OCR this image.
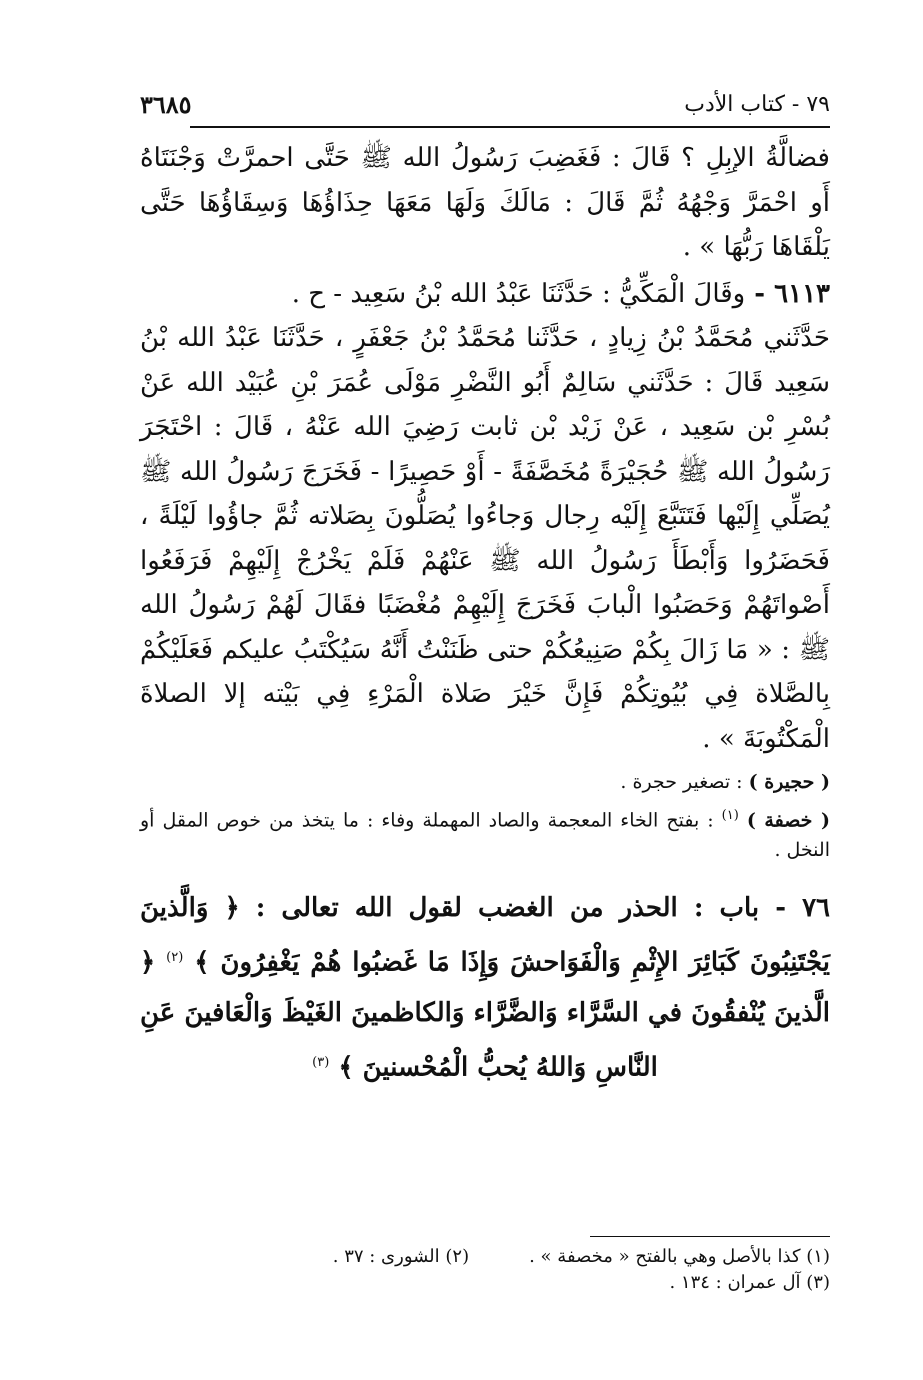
٧٩ - كتاب الأدب
٣٦٨٥

فضالَّةُ الإبِلِ ؟ قَالَ : فَغَضِبَ رَسُولُ الله ﷺ حَتَّى احمرَّتْ وَجْنَتَاهُ أَو احْمَرَّ وَجْهُهُ ثُمَّ قَالَ : مَالَكَ وَلَهَا مَعَهَا حِذَاؤُهَا وَسِقَاؤُهَا حَتَّى يَلْقَاهَا رَبُّهَا » .

٦١١٣ - وقَالَ الْمَكِّيُّ : حَدَّثَنَا عَبْدُ الله بْنُ سَعِيد - ح .
حَدَّثَني مُحَمَّدُ بْنُ زِيادٍ ، حَدَّثَنا مُحَمَّدُ بْنُ جَعْفَرٍ ، حَدَّثَنَا عَبْدُ الله بْنُ سَعِيد قَالَ : حَدَّثَني سَالِمٌ أَبُو النَّضْرِ مَوْلَى عُمَرَ بْنِ عُبَيْد الله عَنْ بُسْرِ بْن سَعِيد ، عَنْ زَيْد بْن ثابت رَضِيَ الله عَنْهُ ، قَالَ : احْتَجَرَ رَسُولُ الله ﷺ حُجَيْرَةً مُخَصَّفَةً - أَوْ حَصِيرًا - فَخَرَجَ رَسُولُ الله ﷺ يُصَلِّي إِلَيْها فَتَتَبَّعَ إِلَيْه رِجال وَجاءُوا يُصَلُّونَ بِصَلاته ثُمَّ جاؤُوا لَيْلَةً ، فَحَضَرُوا وَأَبْطَأَ رَسُولُ الله ﷺ عَنْهُمْ فَلَمْ يَخْرُجْ إِلَيْهِمْ فَرَفَعُوا أَصْواتَهُمْ وَحَصَبُوا الْبابَ فَخَرَجَ إِلَيْهِمْ مُغْضَبًا فقَالَ لَهُمْ رَسُولُ الله ﷺ : « مَا زَالَ بِكُمْ صَنِيعُكُمْ حتى ظَنَنْتُ أَنَّهُ سَيُكْتَبُ عليكم فَعَلَيْكُمْ بِالصَّلاة فِي بُيُوتِكُمْ فَإِنَّ خَيْرَ صَلاة الْمَرْءِ فِي بَيْته إلا الصلاةَ الْمَكْتُوبَةَ » .

( حجيرة ) : تصغير حجرة .

( خصفة ) $^{(١)}$ : بفتح الخاء المعجمة والصاد المهملة وفاء : ما يتخذ من خوص المقل أو النخل .

٧٦ - باب : الحذر من الغضب لقول الله تعالى : ﴿ وَالَّذينَ يَجْتَنِبُونَ كَبَائِرَ الإِثْمِ وَالْفَوَاحشَ وَإِذَا مَا غَضبُوا هُمْ يَغْفِرُونَ ﴾ $^{(٢)}$ ﴿ الَّذينَ يُنْفقُونَ في السَّرَّاء وَالضَّرَّاء وَالكاظمينَ الغَيْظَ وَالْعَافينَ عَنِ النَّاسِ وَاللهُ يُحبُّ الْمُحْسنينَ ﴾ $^{(٣)}$

(١) كذا بالأصل وهي بالفتح « مخصفة » .
(٢) الشورى : ٣٧ .
(٣) آل عمران : ١٣٤ .
